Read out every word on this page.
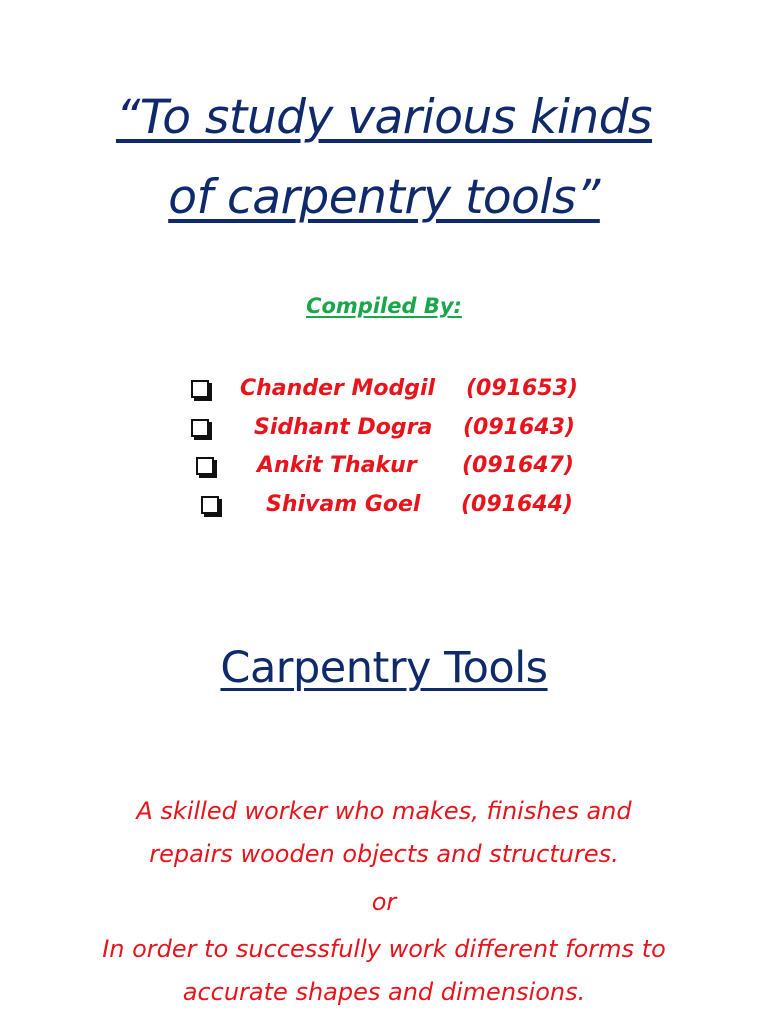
“To study various kinds
of carpentry tools”
Compiled By:

Chander Modgil

(091653)

Sidhant Dogra

(091643)

Ankit Thakur

(091647)

Shivam Goel

(091644)

Carpentry Tools

A skilled worker who makes, finishes and
repairs wooden objects and structures.

or

In order to successfully work different forms to
accurate shapes and dimensions.
